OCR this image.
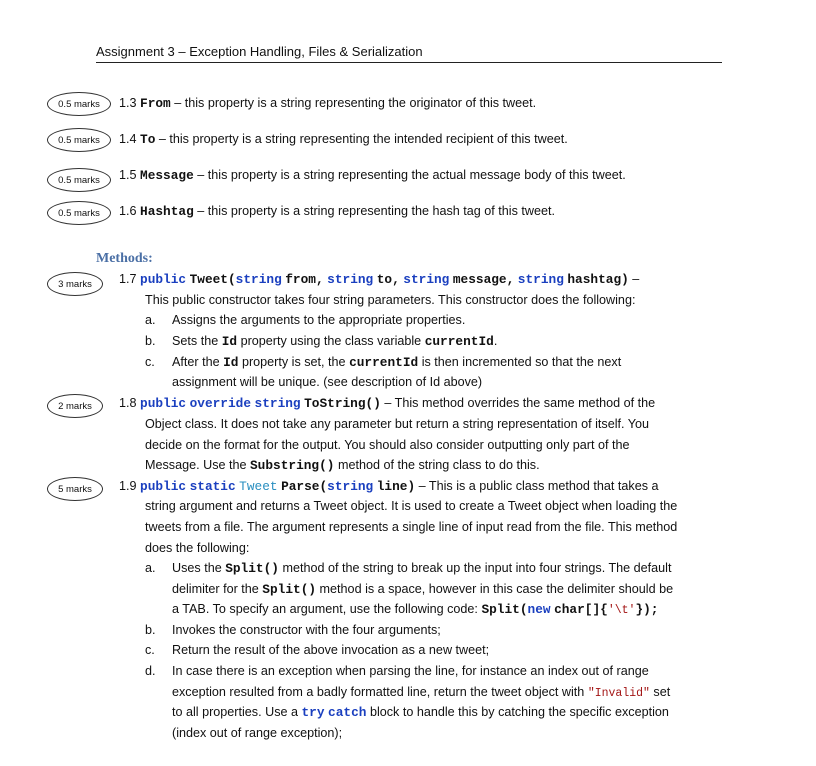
Assignment 3 – Exception Handling, Files & Serialization
0.5 marks
0.5 marks
0.5 marks
0.5 marks
1.3 From – this property is a string representing the originator of this tweet.
1.4 To – this property is a string representing the intended recipient of this tweet.
1.5 Message – this property is a string representing the actual message body of this tweet.
1.6 Hashtag – this property is a string representing the hash tag of this tweet.
Methods:
3 marks	1.7 public Tweet(string from, string to, string message, string hashtag) –
This public constructor takes four string parameters. This constructor does the following:
a. Assigns the arguments to the appropriate properties.
b. Sets the Id property using the class variable currentId.
c. After the Id property is set, the currentId is then incremented so that the next
assignment will be unique. (see description of Id above)
2 marks	1.8 public override string ToString() – This method overrides the same method of the
Object class. It does not take any parameter but return a string representation of itself. You
decide on the format for the output. You should also consider outputting only part of the
Message. Use the Substring() method of the string class to do this.
5 marks	1.9 public static Tweet Parse(string line) – This is a public class method that takes a
string argument and returns a Tweet object. It is used to create a Tweet object when loading the
tweets from a file. The argument represents a single line of input read from the file. This method
does the following:
a. Uses the Split() method of the string to break up the input into four strings. The default
delimiter for the Split() method is a space, however in this case the delimiter should be
a TAB. To specify an argument, use the following code: Split(new char[]{'\t'});
b. Invokes the constructor with the four arguments;
c. Return the result of the above invocation as a new tweet;
d. In case there is an exception when parsing the line, for instance an index out of range
exception resulted from a badly formatted line, return the tweet object with "Invalid" set
to all properties. Use a try catch block to handle this by catching the specific exception
(index out of range exception);
